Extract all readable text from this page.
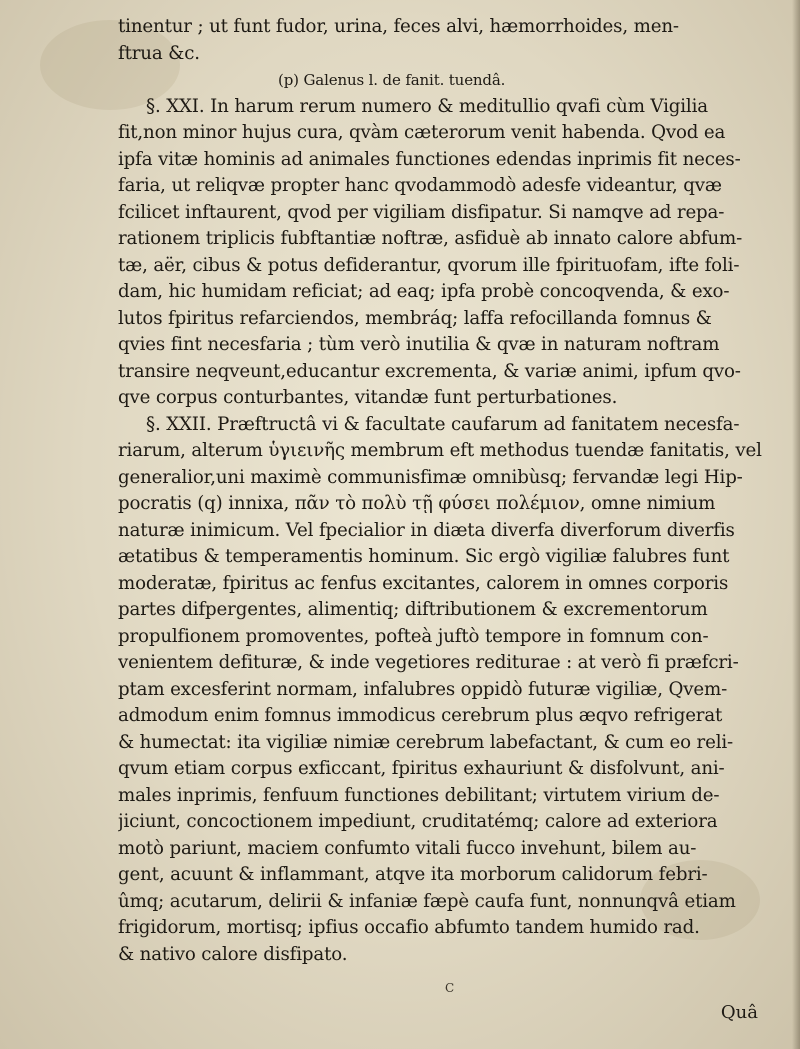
tinentur ; ut funt fudor, urina, feces alvi, hæmorrhoides, men-
ftrua &c.
(p) Galenus l. de fanit. tuendâ.
§. XXI. In harum rerum numero & meditullio qvafi cùm Vigilia
fit,non minor hujus cura, qvàm cæterorum venit habenda. Qvod ea
ipfa vitæ hominis ad animales functiones edendas inprimis fit neces-
faria, ut reliqvæ propter hanc qvodammodò adesfe videantur, qvæ
fcilicet inftaurent, qvod per vigiliam disfipatur. Si namqve ad repa-
rationem triplicis fubftantiæ noftræ, asfiduè ab innato calore abfum-
tæ, aër, cibus & potus defiderantur, qvorum ille fpirituofam, ifte foli-
dam, hic humidam reficiat; ad eaq; ipfa probè concoqvenda, & exo-
lutos fpiritus refarciendos, membráq; laffa refocillanda fomnus &
qvies fint necesfaria ; tùm verò inutilia & qvæ in naturam noftram
transire neqveunt,educantur excrementa, & variæ animi, ipfum qvo-
qve corpus conturbantes, vitandæ funt perturbationes.
§. XXII. Præftructâ vi & facultate caufarum ad fanitatem necesfa-
riarum, alterum ὑγιεινῆς membrum eft methodus tuendæ fanitatis, vel
generalior,uni maximè communisfimæ omnibùsq; fervandæ legi Hip-
pocratis (q) innixa, πᾶν τὸ πολὺ τῇ φύσει πολέμιον, omne nimium
naturæ inimicum. Vel fpecialior in diæta diverfa diverforum diverfis
ætatibus & temperamentis hominum. Sic ergò vigiliæ falubres funt
moderatæ, fpiritus ac fenfus excitantes, calorem in omnes corporis
partes difpergentes, alimentiq; diftributionem & excrementorum
propulfionem promoventes, pofteà juftò tempore in fomnum con-
venientem defituræ, & inde vegetiores rediturae : at verò fi præfcri-
ptam excesferint normam, infalubres oppidò futuræ vigiliæ, Qvem-
admodum enim fomnus immodicus cerebrum plus æqvo refrigerat
& humectat: ita vigiliæ nimiæ cerebrum labefactant, & cum eo reli-
qvum etiam corpus exficcant, fpiritus exhauriunt & disfolvunt, ani-
males inprimis, fenfuum functiones debilitant; virtutem virium de-
jiciunt, concoctionem impediunt, cruditatémq; calore ad exteriora
motò pariunt, maciem confumto vitali fucco invehunt, bilem au-
gent, acuunt & inflammant, atqve ita morborum calidorum febri-
ûmq; acutarum, delirii & infaniæ fæpè caufa funt, nonnunqvâ etiam
frigidorum, mortisq; ipfius occafio abfumto tandem humido rad.
& nativo calore disfipato.
C
Quâ
